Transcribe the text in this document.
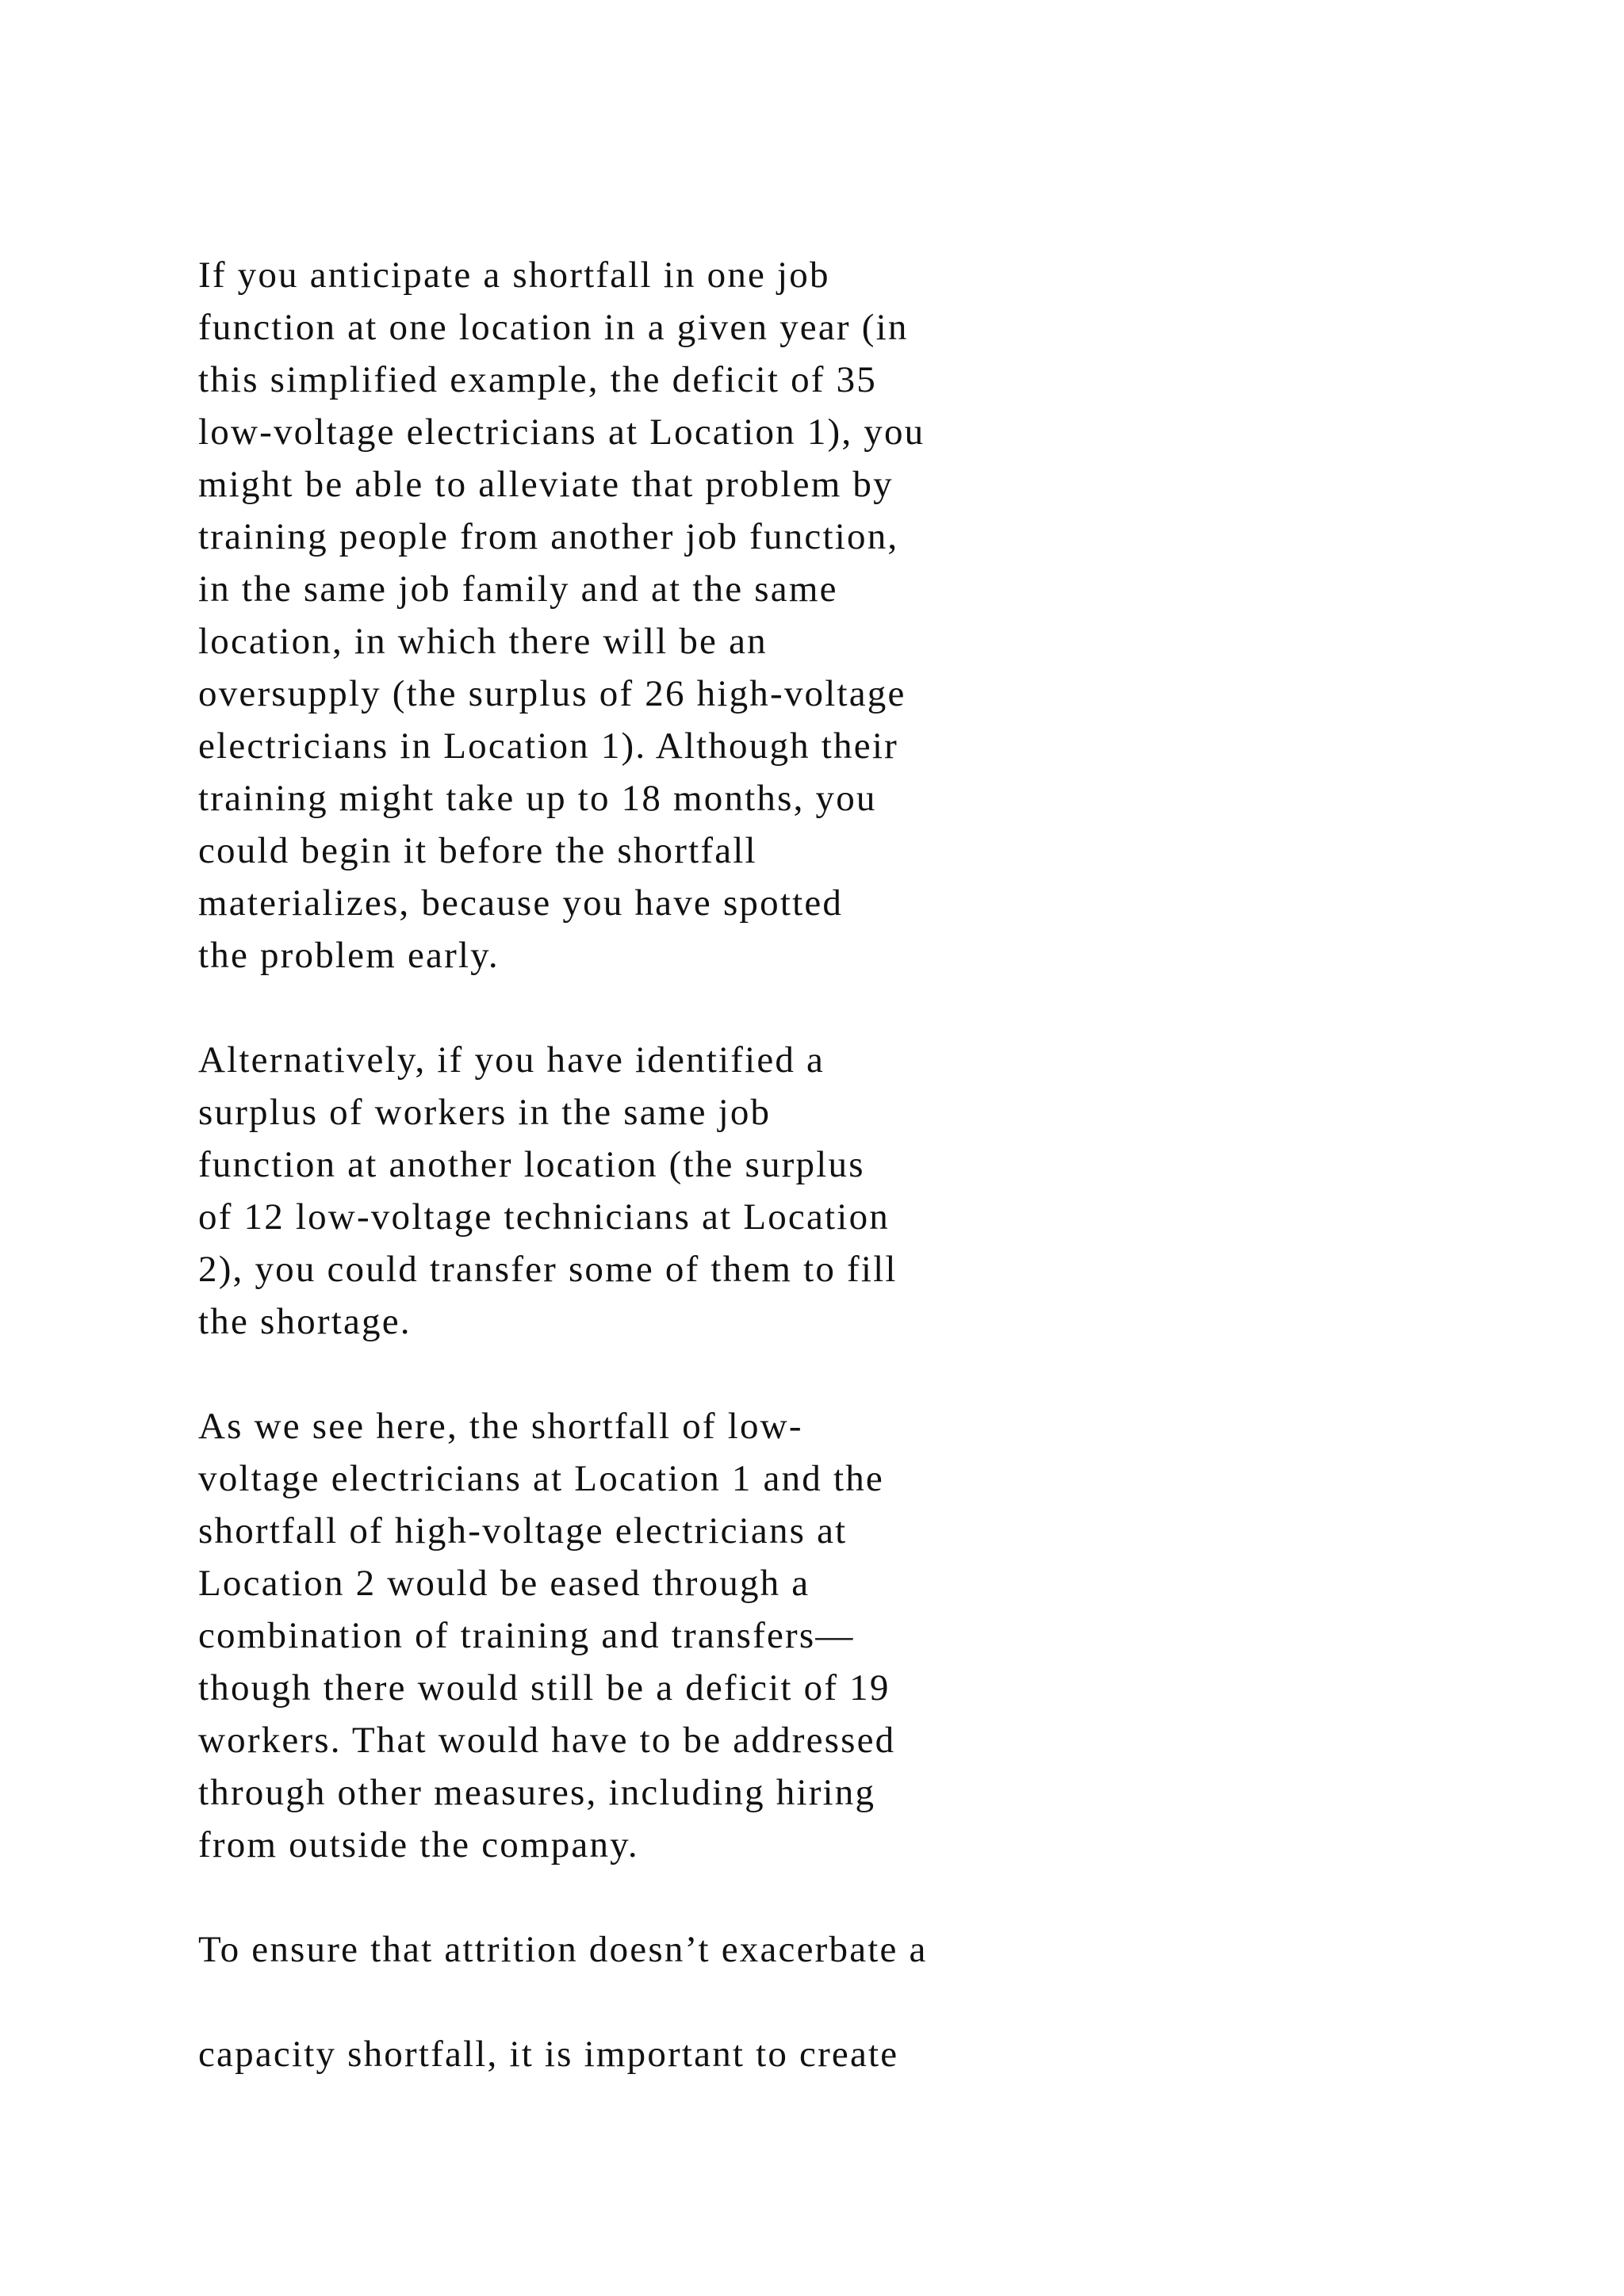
If you anticipate a shortfall in one job
function at one location in a given year (in
this simplified example, the deficit of 35
low-voltage electricians at Location 1), you
might be able to alleviate that problem by
training people from another job function,
in the same job family and at the same
location, in which there will be an
oversupply (the surplus of 26 high-voltage
electricians in Location 1). Although their
training might take up to 18 months, you
could begin it before the shortfall
materializes, because you have spotted
the problem early.

Alternatively, if you have identified a
surplus of workers in the same job
function at another location (the surplus
of 12 low-voltage technicians at Location
2), you could transfer some of them to fill
the shortage.

As we see here, the shortfall of low-
voltage electricians at Location 1 and the
shortfall of high-voltage electricians at
Location 2 would be eased through a
combination of training and transfers—
though there would still be a deficit of 19
workers. That would have to be addressed
through other measures, including hiring
from outside the company.

To ensure that attrition doesn’t exacerbate a

capacity shortfall, it is important to create
